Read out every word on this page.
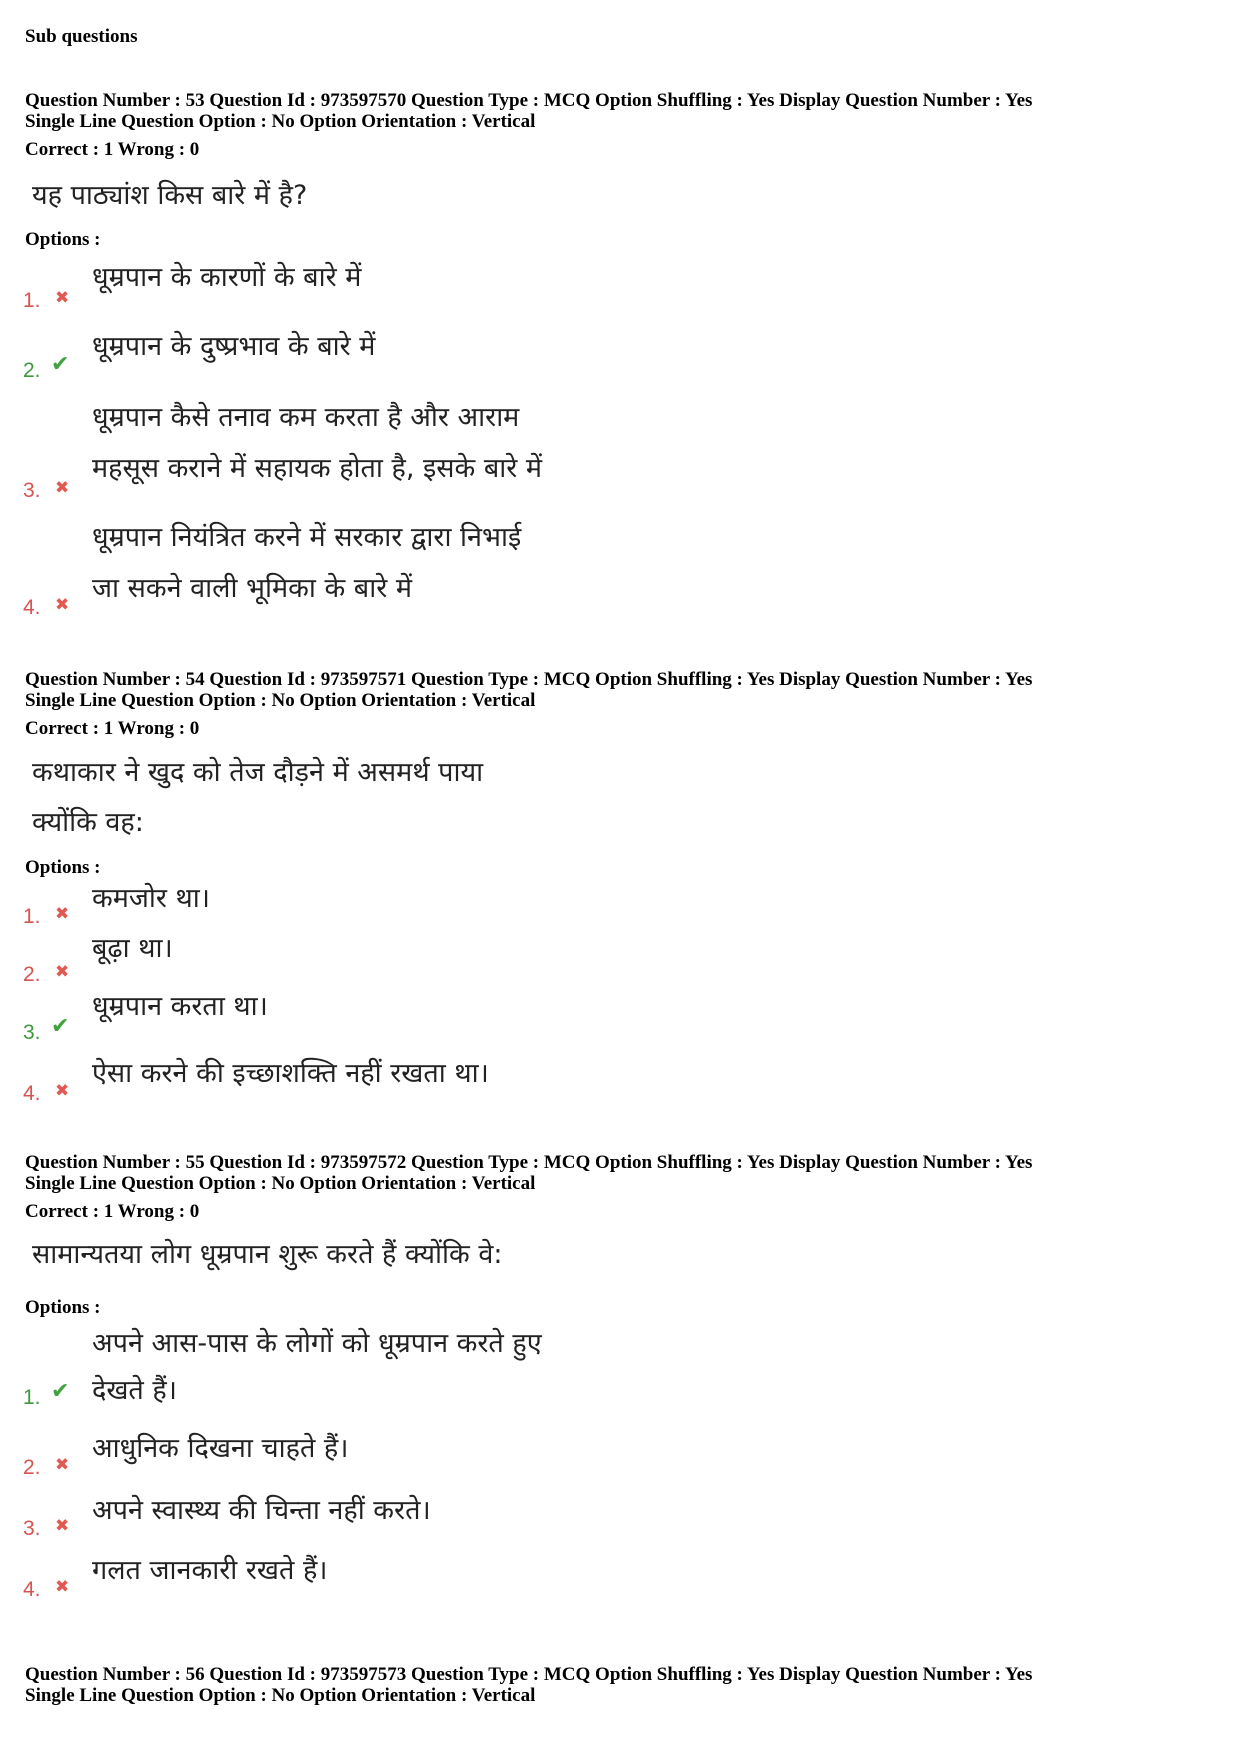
Sub questions
Question Number : 53 Question Id : 973597570 Question Type : MCQ Option Shuffling : Yes Display Question Number : Yes
Single Line Question Option : No Option Orientation : Vertical
Correct : 1 Wrong : 0
यह पाठ्यांश किस बारे में है?
Options :
1. ✖
धूम्रपान के कारणों के बारे में
2. ✔
धूम्रपान के दुष्प्रभाव के बारे में
3. ✖
धूम्रपान कैसे तनाव कम करता है और आराम
महसूस कराने में सहायक होता है, इसके बारे में
4. ✖
धूम्रपान नियंत्रित करने में सरकार द्वारा निभाई
जा सकने वाली भूमिका के बारे में
Question Number : 54 Question Id : 973597571 Question Type : MCQ Option Shuffling : Yes Display Question Number : Yes
Single Line Question Option : No Option Orientation : Vertical
Correct : 1 Wrong : 0
कथाकार ने खुद को तेज दौड़ने में असमर्थ पाया
क्योंकि वह:
Options :
1. ✖ कमजोर था।
2. ✖
बूढ़ा था।
3. ✔
धूम्रपान करता था।
4. ✖
ऐसा करने की इच्छाशक्ति नहीं रखता था।
Question Number : 55 Question Id : 973597572 Question Type : MCQ Option Shuffling : Yes Display Question Number : Yes
Single Line Question Option : No Option Orientation : Vertical
Correct : 1 Wrong : 0
सामान्यतया लोग धूम्रपान शुरू करते हैं क्योंकि वे:
Options :
1. ✔
अपने आस-पास के लोगों को धूम्रपान करते हुए
देखते हैं।
2. ✖
आधुनिक दिखना चाहते हैं।
3. ✖ अपने स्वास्थ्य की चिन्ता नहीं करते।
4. ✖
गलत जानकारी रखते हैं।
Question Number : 56 Question Id : 973597573 Question Type : MCQ Option Shuffling : Yes Display Question Number : Yes
Single Line Question Option : No Option Orientation : Vertical
